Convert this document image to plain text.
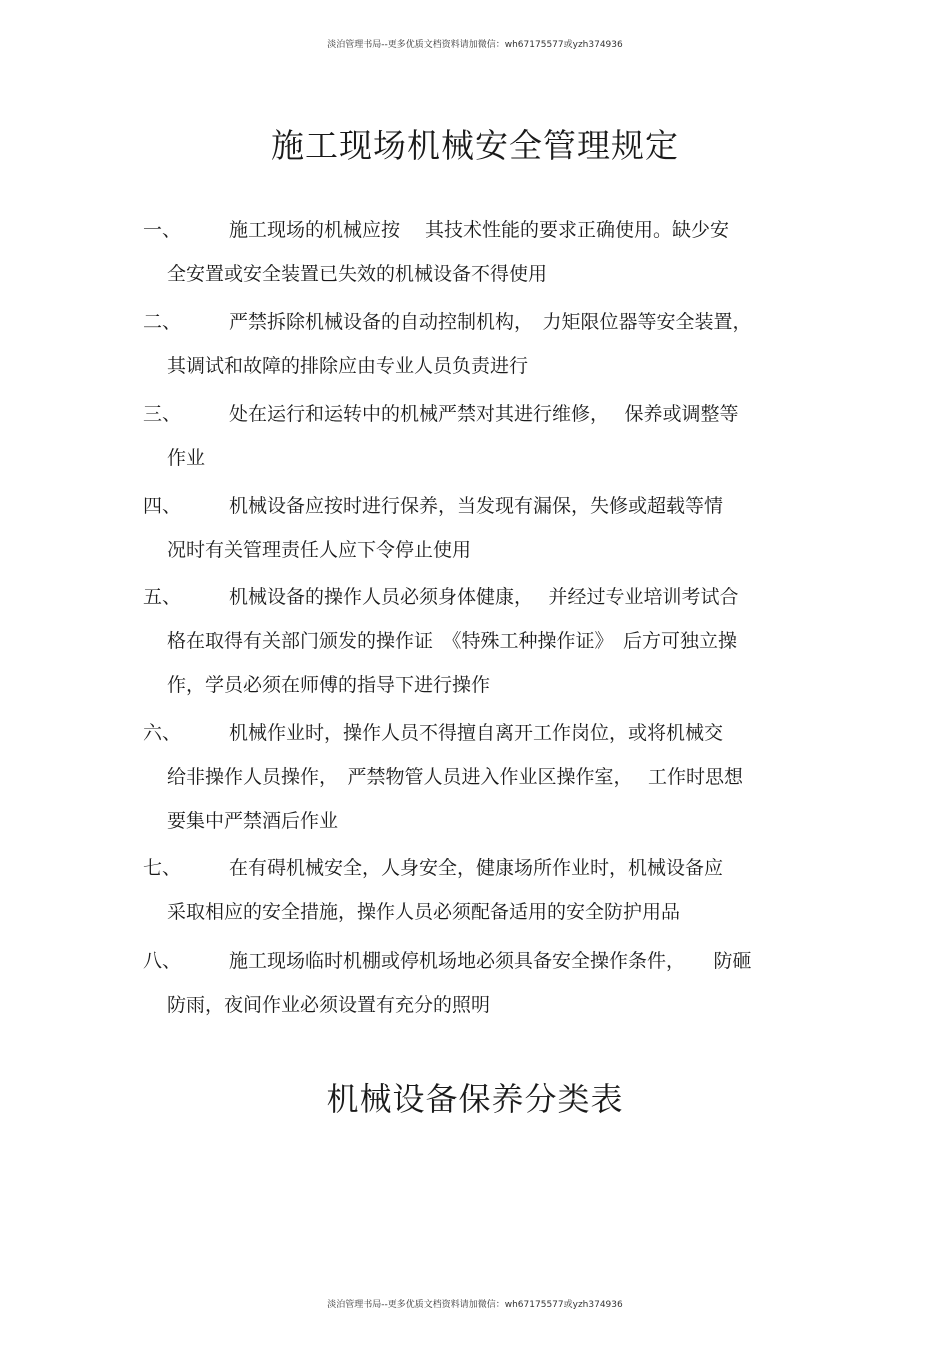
淡泊管理书局--更多优质文档资料请加微信：wh67175577或yzh374936
施工现场机械安全管理规定
一、	施工现场的机械应按　 其技术性能的要求正确使用。缺少安
全安置或安全装置已失效的机械设备不得使用
二、	严禁拆除机械设备的自动控制机构，　力矩限位器等安全装置，
其调试和故障的排除应由专业人员负责进行
三、	处在运行和运转中的机械严禁对其进行维修，　 保养或调整等
作业
四、	机械设备应按时进行保养，当发现有漏保，失修或超载等情
况时有关管理责任人应下令停止使用
五、	机械设备的操作人员必须身体健康，　 并经过专业培训考试合
格在取得有关部门颁发的操作证　《特殊工种操作证》　后方可独立操
作，学员必须在师傅的指导下进行操作
六、	机械作业时，操作人员不得擅自离开工作岗位，或将机械交
给非操作人员操作，　严禁物管人员进入作业区操作室，　 工作时思想
要集中严禁酒后作业
七、	在有碍机械安全，人身安全，健康场所作业时，机械设备应
采取相应的安全措施，操作人员必须配备适用的安全防护用品
八、	施工现场临时机棚或停机场地必须具备安全操作条件，　　防砸
防雨，夜间作业必须设置有充分的照明
机械设备保养分类表
淡泊管理书局--更多优质文档资料请加微信：wh67175577或yzh374936
